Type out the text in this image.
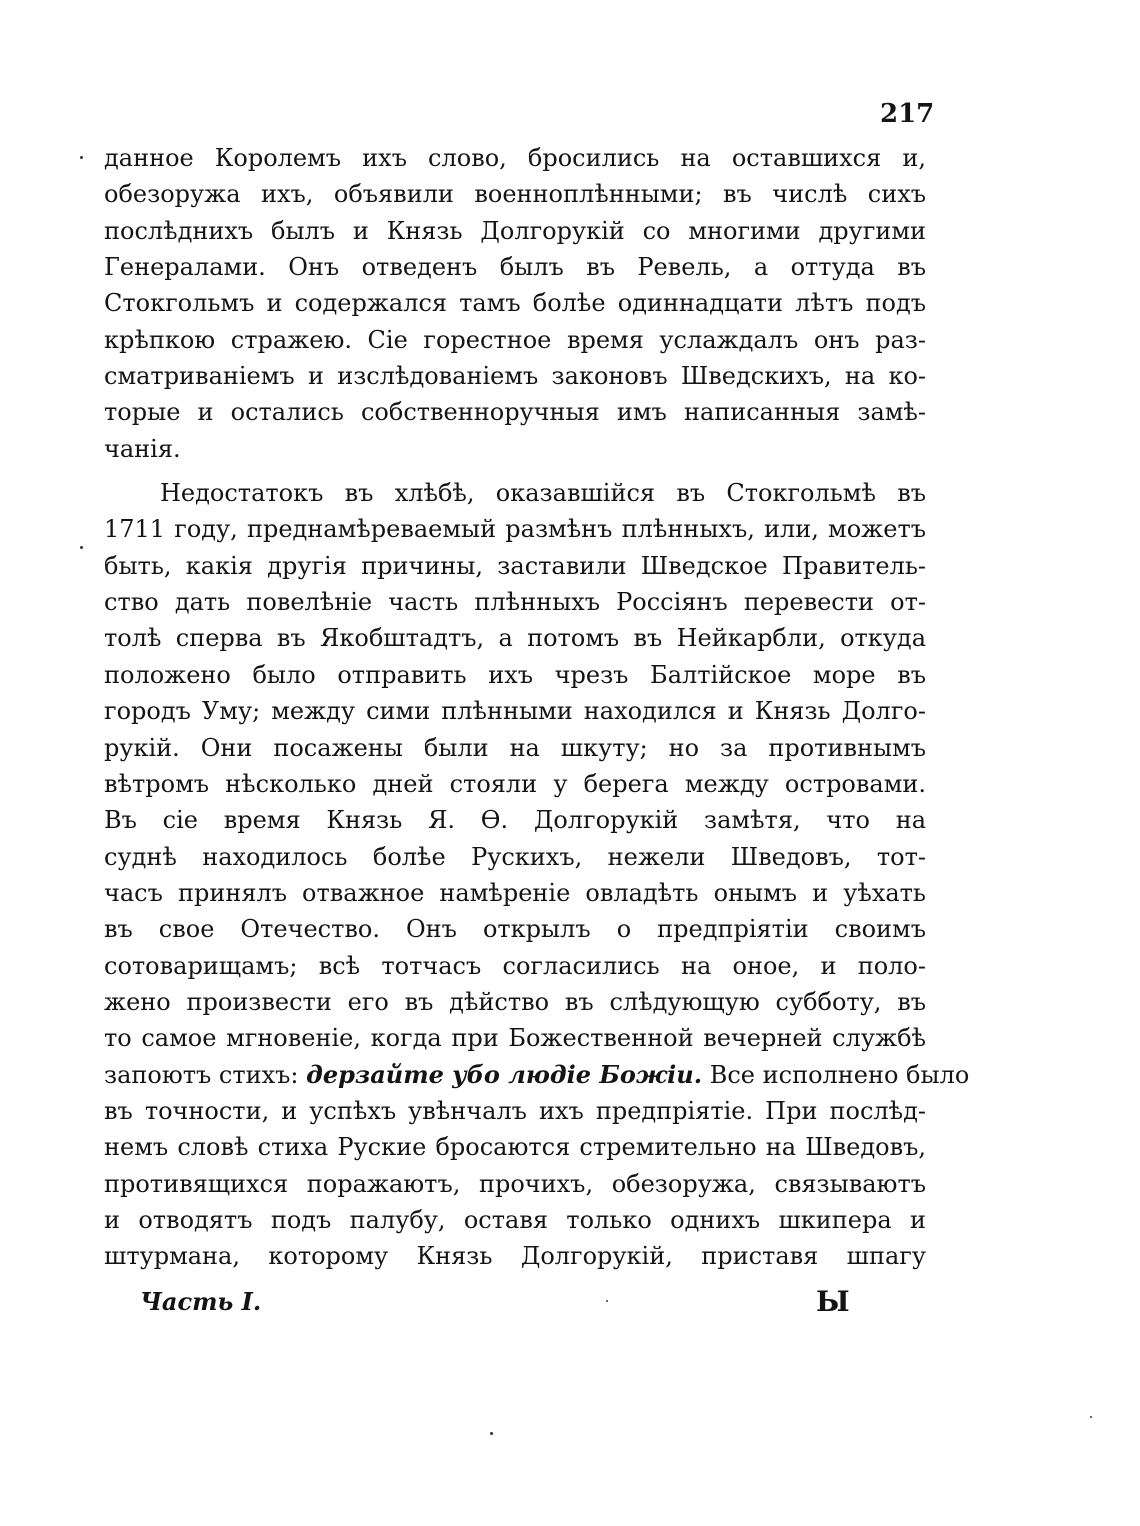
217
данное Королемъ ихъ слово, бросились на оставшихся и,
обезоружа ихъ, объявили военноплѣнными; въ числѣ сихъ
послѣднихъ былъ и Князь Долгорукій со многими другими
Генералами. Онъ отведенъ былъ въ Ревель, а оттуда въ
Стокгольмъ и содержался тамъ болѣе одиннадцати лѣтъ подъ
крѣпкою стражею. Сіе горестное время услаждалъ онъ раз-
сматриваніемъ и изслѣдованіемъ законовъ Шведскихъ, на ко-
торые и остались собственноручныя имъ написанныя замѣ-
чанія.
Недостатокъ въ хлѣбѣ, оказавшійся въ Стокгольмѣ въ
1711 году, преднамѣреваемый размѣнъ плѣнныхъ, или, можетъ
быть, какія другія причины, заставили Шведское Правитель-
ство дать повелѣніе часть плѣнныхъ Россіянъ перевести от-
толѣ сперва въ Якобштадтъ, а потомъ въ Нейкарбли, откуда
положено было отправить ихъ чрезъ Балтійское море въ
городъ Уму; между сими плѣнными находился и Князь Долго-
рукій. Они посажены были на шкуту; но за противнымъ
вѣтромъ нѣсколько дней стояли у берега между островами.
Въ сіе время Князь Я. Ѳ. Долгорукій замѣтя, что на
суднѣ находилось болѣе Рускихъ, нежели Шведовъ, тот-
часъ принялъ отважное намѣреніе овладѣть онымъ и уѣхать
въ свое Отечество. Онъ открылъ о предпріятіи своимъ
сотоварищамъ; всѣ тотчасъ согласились на оное, и поло-
жено произвести его въ дѣйство въ слѣдующую субботу, въ
то самое мгновеніе, когда при Божественной вечерней службѣ
запоютъ стихъ: дерзайте убо людіе Божіи. Все исполнено было
въ точности, и успѣхъ увѣнчалъ ихъ предпріятіе. При послѣд-
немъ словѣ стиха Руские бросаются стремительно на Шведовъ,
противящихся поражаютъ, прочихъ, обезоружа, связываютъ
и отводятъ подъ палубу, оставя только однихъ шкипера и
штурмана, которому Князь Долгорукій, приставя шпагу
Часть I.	Ы
